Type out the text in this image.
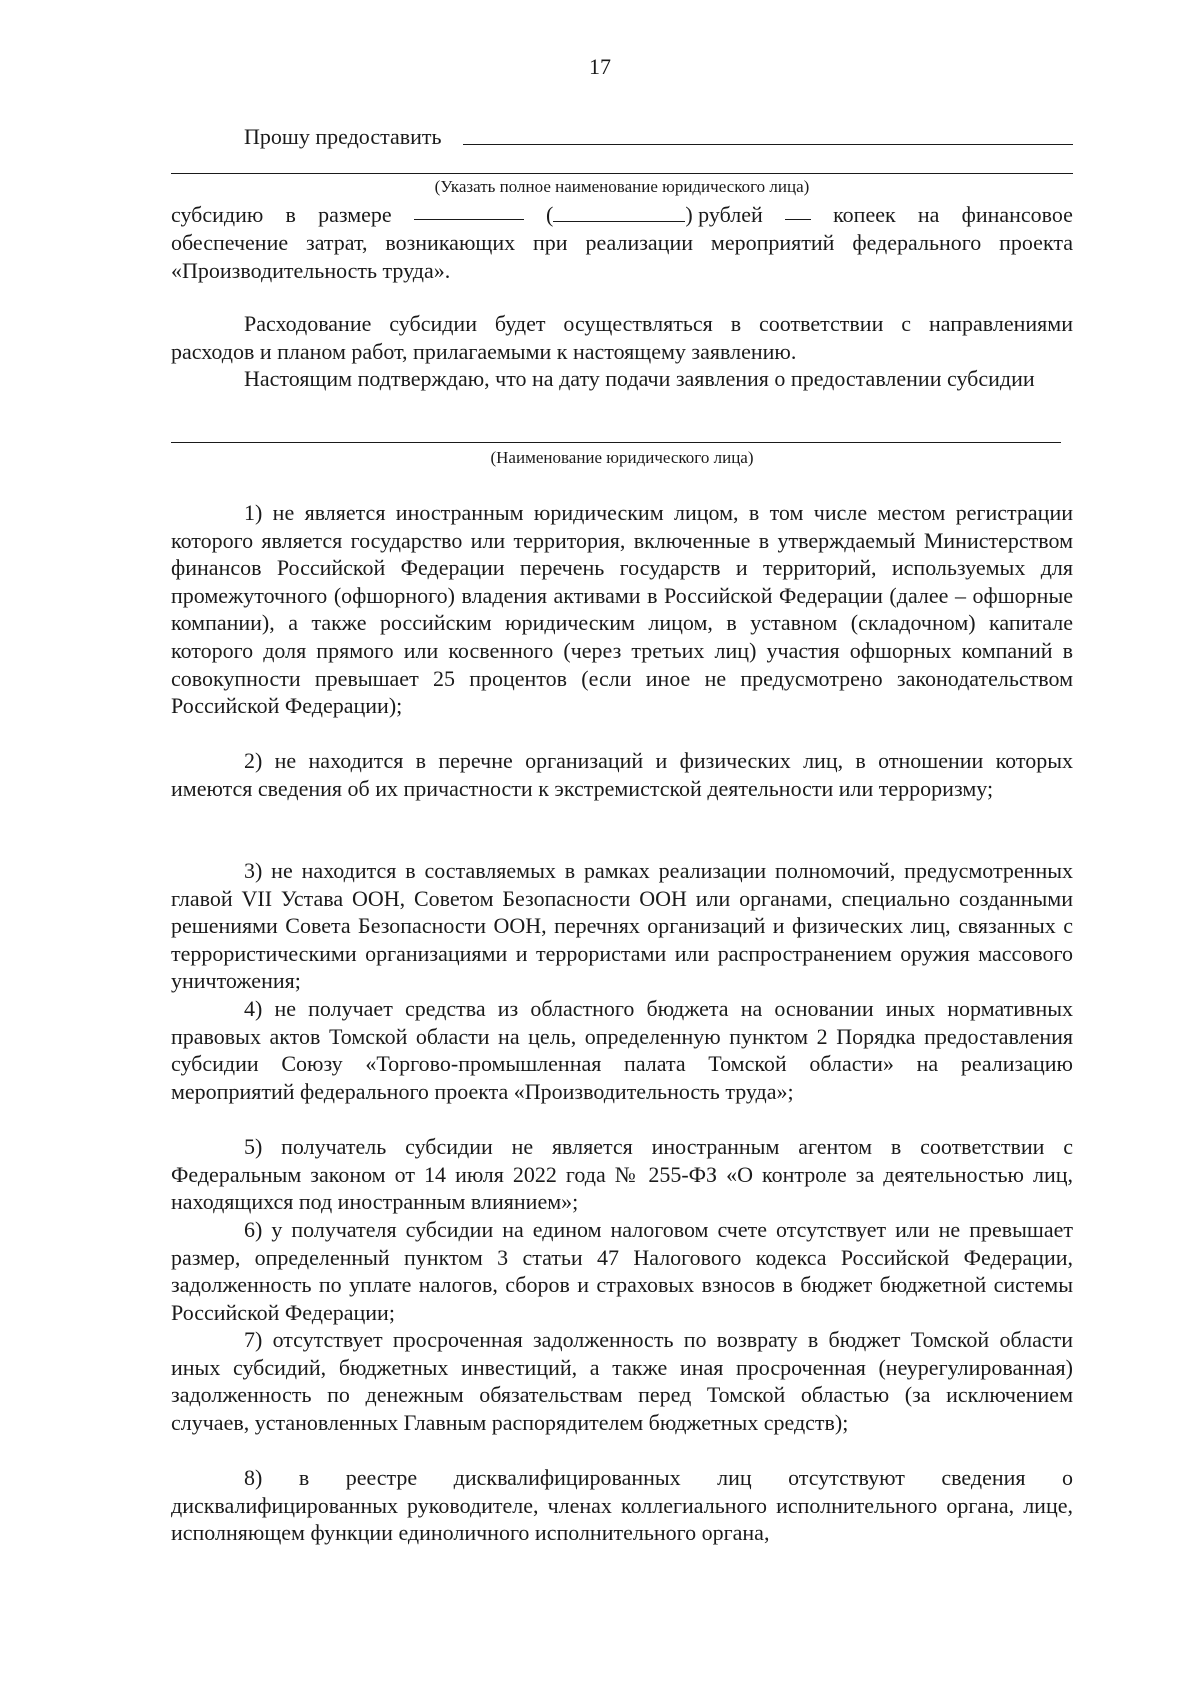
17
Прошу предоставить
(Указать полное наименование юридического лица)
субсидию в размере	(	) рублей	копеек на финансовое
обеспечение затрат, возникающих при реализации мероприятий федерального проекта «Производительность труда».
Расходование субсидии будет осуществляться в соответствии с направлениями расходов и планом работ, прилагаемыми к настоящему заявлению.
Настоящим подтверждаю, что на дату подачи заявления о предоставлении субсидии
(Наименование юридического лица)
1) не является иностранным юридическим лицом, в том числе местом регистрации которого является государство или территория, включенные в утверждаемый Министерством финансов Российской Федерации перечень государств и территорий, используемых для промежуточного (офшорного) владения активами в Российской Федерации (далее – офшорные компании), а также российским юридическим лицом, в уставном (складочном) капитале которого доля прямого или косвенного (через третьих лиц) участия офшорных компаний в совокупности превышает 25 процентов (если иное не предусмотрено законодательством Российской Федерации);
2) не находится в перечне организаций и физических лиц, в отношении которых имеются сведения об их причастности к экстремистской деятельности или терроризму;
3) не находится в составляемых в рамках реализации полномочий, предусмотренных главой VII Устава ООН, Советом Безопасности ООН или органами, специально созданными решениями Совета Безопасности ООН, перечнях организаций и физических лиц, связанных с террористическими организациями и террористами или распространением оружия массового уничтожения;
4) не получает средства из областного бюджета на основании иных нормативных правовых актов Томской области на цель, определенную пунктом 2 Порядка предоставления субсидии Союзу «Торгово-промышленная палата Томской области» на реализацию мероприятий федерального проекта «Производительность труда»;
5) получатель субсидии не является иностранным агентом в соответствии с Федеральным законом от 14 июля 2022 года № 255-ФЗ «О контроле за деятельностью лиц, находящихся под иностранным влиянием»;
6) у получателя субсидии на едином налоговом счете отсутствует или не превышает размер, определенный пунктом 3 статьи 47 Налогового кодекса Российской Федерации, задолженность по уплате налогов, сборов и страховых взносов в бюджет бюджетной системы Российской Федерации;
7) отсутствует просроченная задолженность по возврату в бюджет Томской области иных субсидий, бюджетных инвестиций, а также иная просроченная (неурегулированная) задолженность по денежным обязательствам перед Томской областью (за исключением случаев, установленных Главным распорядителем бюджетных средств);
8) в реестре дисквалифицированных лиц отсутствуют сведения о дисквалифицированных руководителе, членах коллегиального исполнительного органа, лице, исполняющем функции единоличного исполнительного органа,
